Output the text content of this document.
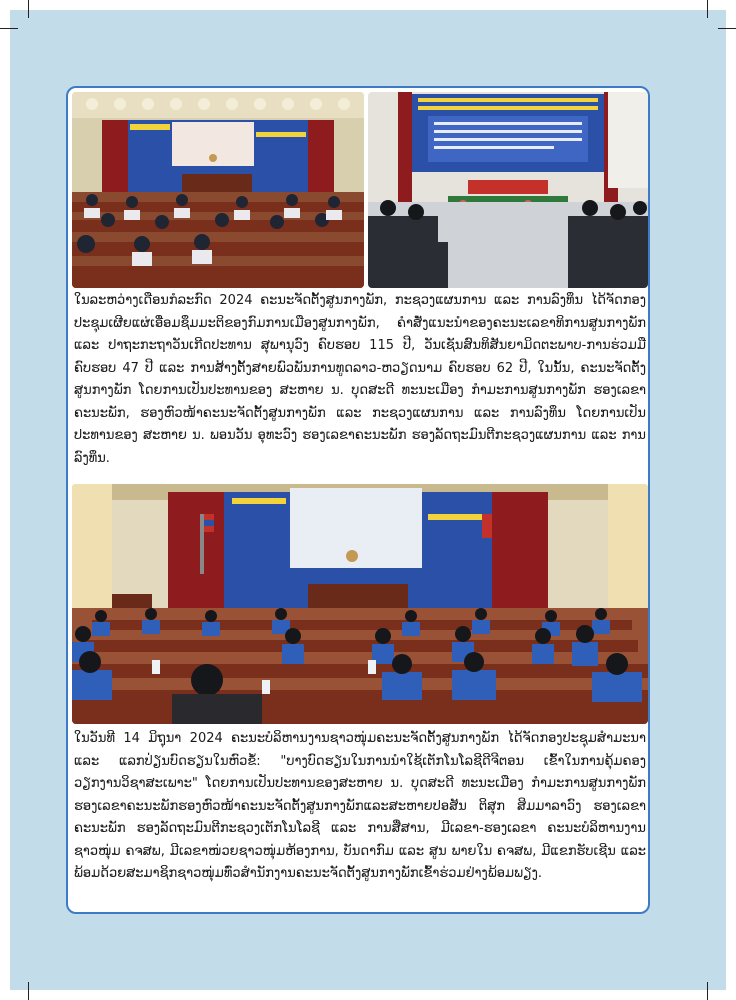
ໃນລະຫວ່າງເດືອນກໍລະກົດ 2024 ຄະນະຈັດຕັ້ງສູນກາງພັກ, ກະຊວງແຜນການ ແລະ ການລົງທຶນ ໄດ້ຈັດກອງປະຊຸມເຜີຍແຜ່ເອື່ອມຊຶມມະຕິຂອງກົມການເມືອງສູນກາງພັກ, ຄຳສັ່ງແນະນຳຂອງຄະນະເລຂາທິການສູນກາງພັກ ແລະ ປາຖະກະຖາວັນເກີດປະທານ ສຸພານຸວົງ ຄົບຮອບ 115 ປີ, ວັນເຊັນສົນທິສັນຍາມິດຕະພາບ-ການຮ່ວມມື ຄົບຮອບ 47 ປີ ແລະ ການສ້າງຕັ້ງສາຍພົວພັນການທູດລາວ-ຫວຽດນາມ ຄົບຮອບ 62 ປີ, ໃນນັ້ນ, ຄະນະຈັດຕັ້ງສູນກາງພັກ ໂດຍການເປັນປະທານຂອງ ສະຫາຍ ນ. ບຸດສະດີ ທະນະເມືອງ ກຳມະການສູນກາງພັກ ຮອງເລຂາຄະນະພັກ, ຮອງຫົວໜ້າຄະນະຈັດຕັ້ງສູນກາງພັກ ແລະ ກະຊວງແຜນການ ແລະ ການລົງທຶນ ໂດຍການເປັນປະທານຂອງ ສະຫາຍ ນ. ພອນວັນ ອຸທະວົງ ຮອງເລຂາຄະນະພັກ ຮອງລັດຖະມົນຕີກະຊວງແຜນການ ແລະ ການລົງທຶນ.

ໃນວັນທີ 14 ມິຖຸນາ 2024 ຄະນະບໍລິຫານງານຊາວໜຸ່ມຄະນະຈັດຕັ້ງສູນກາງພັກ ໄດ້ຈັດກອງປະຊຸມສຳມະນາ ແລະ ແລກປ່ຽນບົດຮຽນໃນຫົວຂໍ້: "ບາງບົດຮຽນໃນການນຳໃຊ້ເຕັກໂນໂລຊີດີຈີຕອນ ເຂົ້າໃນການຄຸ້ມຄອງວຽກງານວິຊາສະເພາະ" ໂດຍການເປັນປະທານຂອງສະຫາຍ ນ. ບຸດສະດີ ທະນະເມືອງ ກຳມະການສູນກາງພັກຮອງເລຂາຄະນະພັກຮອງຫົວໜ້າຄະນະຈັດຕັ້ງສູນກາງພັກແລະສະຫາຍປອສັນ ຕິສຸກ ສິມມາລາວົງ ຮອງເລຂາຄະນະພັກ ຮອງລັດຖະມົນຕີກະຊວງເຕັກໂນໂລຊີ ແລະ ການສື່ສານ, ມີເລຂາ-ຮອງເລຂາ ຄະນະບໍລິຫານງານຊາວໜຸ່ມ ຄຈສພ, ມີເລຂາໜ່ວຍຊາວໜຸ່ມຫ້ອງການ, ບັນດາກົມ ແລະ ສູນ ພາຍໃນ ຄຈສພ, ມີແຂກຮັບເຊີນ ແລະ ພ້ອມດ້ວຍສະມາຊິກຊາວໜຸ່ມທົ່ວສຳນັກງານຄະນະຈັດຕັ້ງສູນກາງພັກເຂົ້າຮ່ວມຢ່າງພ້ອມພຽງ.
